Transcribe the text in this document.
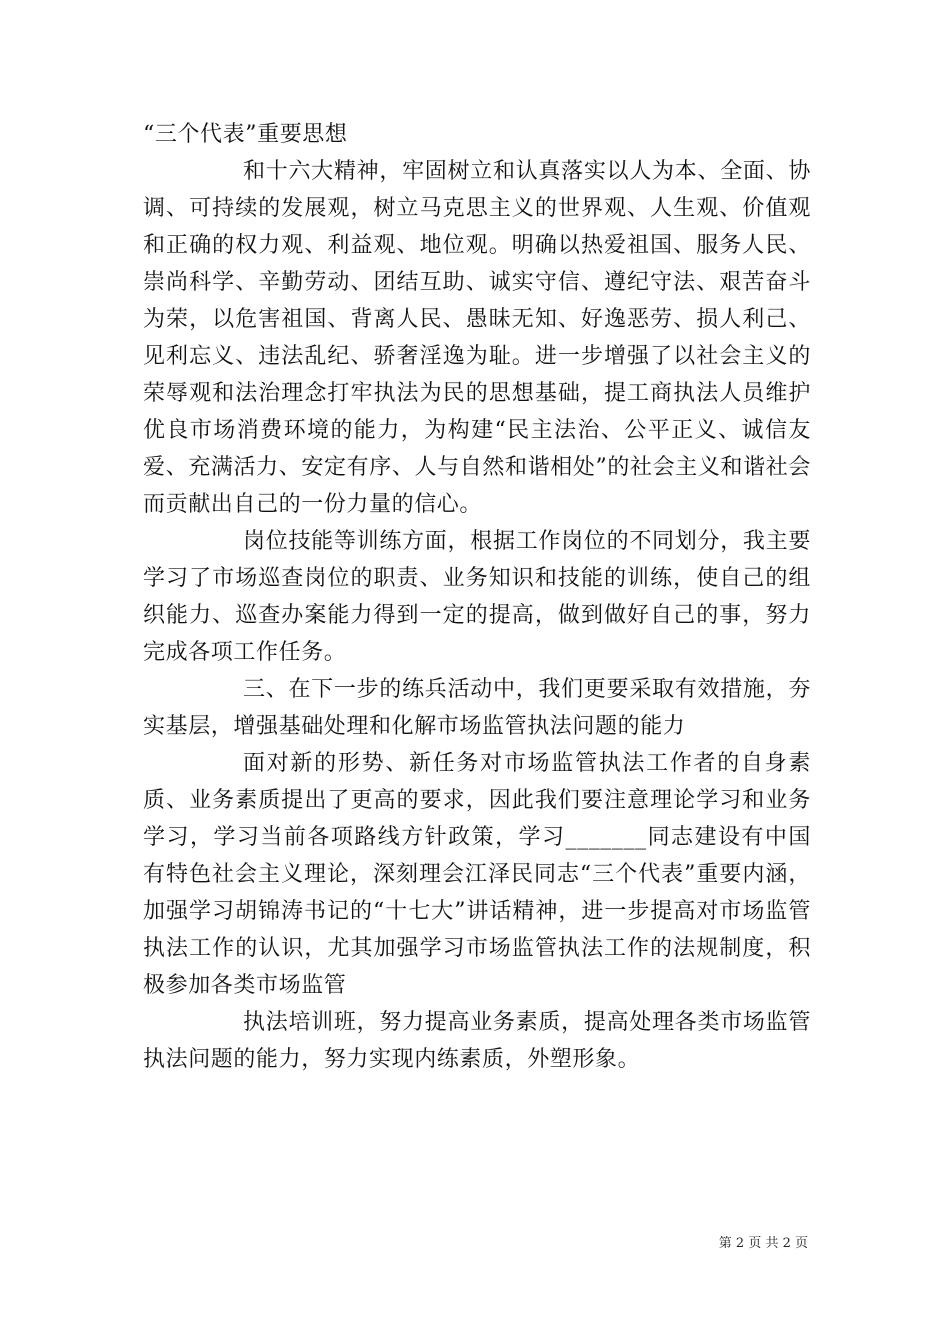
“三个代表”重要思想

和十六大精神，牢固树立和认真落实以人为本、全面、协调、可持续的发展观，树立马克思主义的世界观、人生观、价值观和正确的权力观、利益观、地位观。明确以热爱祖国、服务人民、崇尚科学、辛勤劳动、团结互助、诚实守信、遵纪守法、艰苦奋斗为荣，以危害祖国、背离人民、愚昧无知、好逸恶劳、损人利己、见利忘义、违法乱纪、骄奢淫逸为耻。进一步增强了以社会主义的荣辱观和法治理念打牢执法为民的思想基础，提工商执法人员维护优良市场消费环境的能力，为构建“民主法治、公平正义、诚信友爱、充满活力、安定有序、人与自然和谐相处”的社会主义和谐社会而贡献出自己的一份力量的信心。

岗位技能等训练方面，根据工作岗位的不同划分，我主要学习了市场巡查岗位的职责、业务知识和技能的训练，使自己的组织能力、巡查办案能力得到一定的提高，做到做好自己的事，努力完成各项工作任务。

三、在下一步的练兵活动中，我们更要采取有效措施，夯实基层，增强基础处理和化解市场监管执法问题的能力

面对新的形势、新任务对市场监管执法工作者的自身素质、业务素质提出了更高的要求，因此我们要注意理论学习和业务学习，学习当前各项路线方针政策，学习_______同志建设有中国有特色社会主义理论，深刻理会江泽民同志“三个代表”重要内涵，加强学习胡锦涛书记的“十七大”讲话精神，进一步提高对市场监管执法工作的认识，尤其加强学习市场监管执法工作的法规制度，积极参加各类市场监管

执法培训班，努力提高业务素质，提高处理各类市场监管执法问题的能力，努力实现内练素质，外塑形象。

第 2 页 共 2 页
